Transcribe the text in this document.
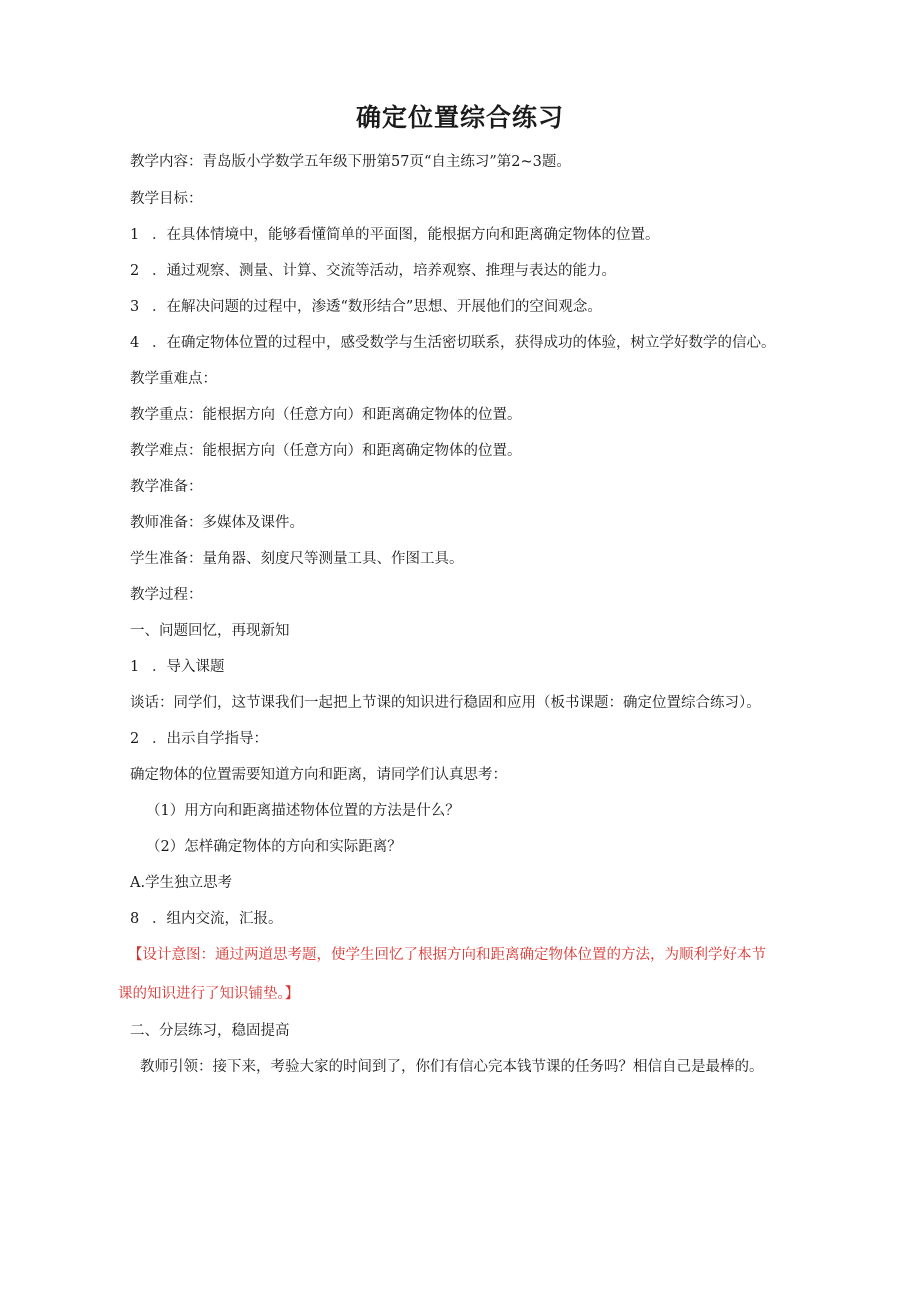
确定位置综合练习
教学内容：青岛版小学数学五年级下册第57页“自主练习”第2~3题。
教学目标：
1 ．在具体情境中，能够看懂简单的平面图，能根据方向和距离确定物体的位置。
2 ．通过观察、测量、计算、交流等活动，培养观察、推理与表达的能力。
3 ．在解决问题的过程中，渗透“数形结合”思想、开展他们的空间观念。
4 ．在确定物体位置的过程中，感受数学与生活密切联系，获得成功的体验，树立学好数学的信心。
教学重难点：
教学重点：能根据方向（任意方向）和距离确定物体的位置。
教学难点：能根据方向（任意方向）和距离确定物体的位置。
教学准备：
教师准备：多媒体及课件。
学生准备：量角器、刻度尺等测量工具、作图工具。
教学过程：
一、问题回忆，再现新知
1 ．导入课题
谈话：同学们，这节课我们一起把上节课的知识进行稳固和应用（板书课题：确定位置综合练习）。
2 ．出示自学指导：
确定物体的位置需要知道方向和距离，请同学们认真思考：
（1）用方向和距离描述物体位置的方法是什么？
（2）怎样确定物体的方向和实际距离？
A.学生独立思考
8 ．组内交流，汇报。
【设计意图：通过两道思考题，使学生回忆了根据方向和距离确定物体位置的方法，为顺利学好本节
课的知识进行了知识铺垫。】
二、分层练习，稳固提高
教师引领：接下来，考验大家的时间到了，你们有信心完本钱节课的任务吗？相信自己是最棒的。
